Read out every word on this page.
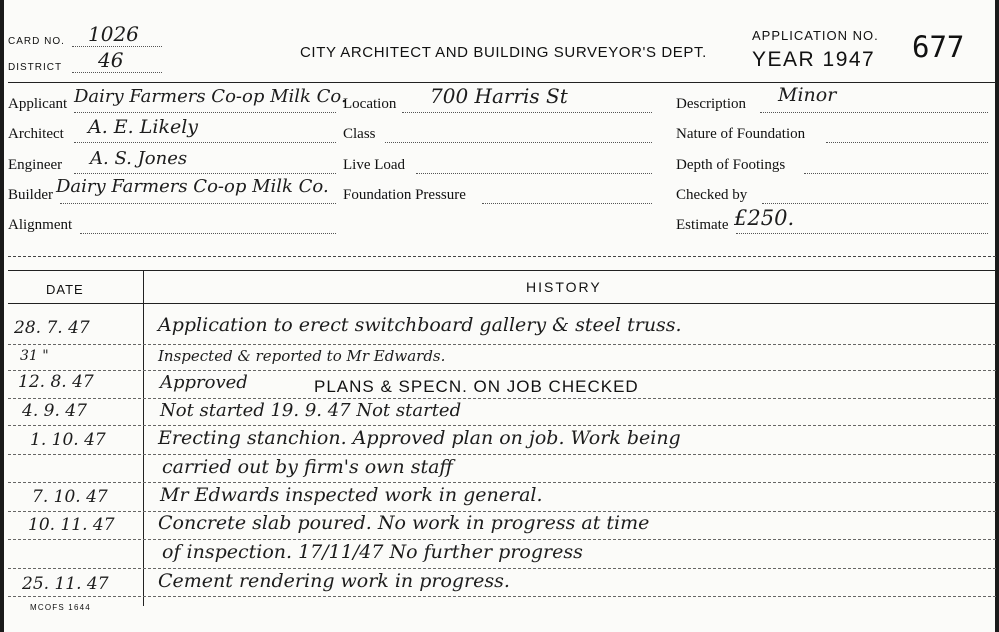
CARD NO. 1026
DISTRICT 46	CITY ARCHITECT AND BUILDING SURVEYOR'S DEPT.
APPLICATION NO.
YEAR 1947 677
Applicant Dairy Farmers Co-op Milk Co.
Architect A. E. Likely
Engineer A. S. Jones
Builder Dairy Farmers Co-op Milk Co.
Alignment
Location 700 Harris St
Class
Live Load
Foundation Pressure
Description Minor
Nature of Foundation
Depth of Footings
Checked by
Estimate £250.
DATE	HISTORY
28. 7. 47	Application to erect switchboard gallery & steel truss.
31 "	Inspected & reported to Mr Edwards.
12. 8. 47	Approved	PLANS & SPECN. ON JOB CHECKED
4. 9. 47	Not started 19. 9. 47 Not started
1. 10. 47	Erecting stanchion. Approved plan on job. Work being
carried out by firm's own staff
7. 10. 47	Mr Edwards inspected work in general.
10. 11. 47 Concrete slab poured. No work in progress at time
of inspection. 17/11/47 No further progress
25. 11. 47	Cement rendering work in progress.
MCOFS 1644
